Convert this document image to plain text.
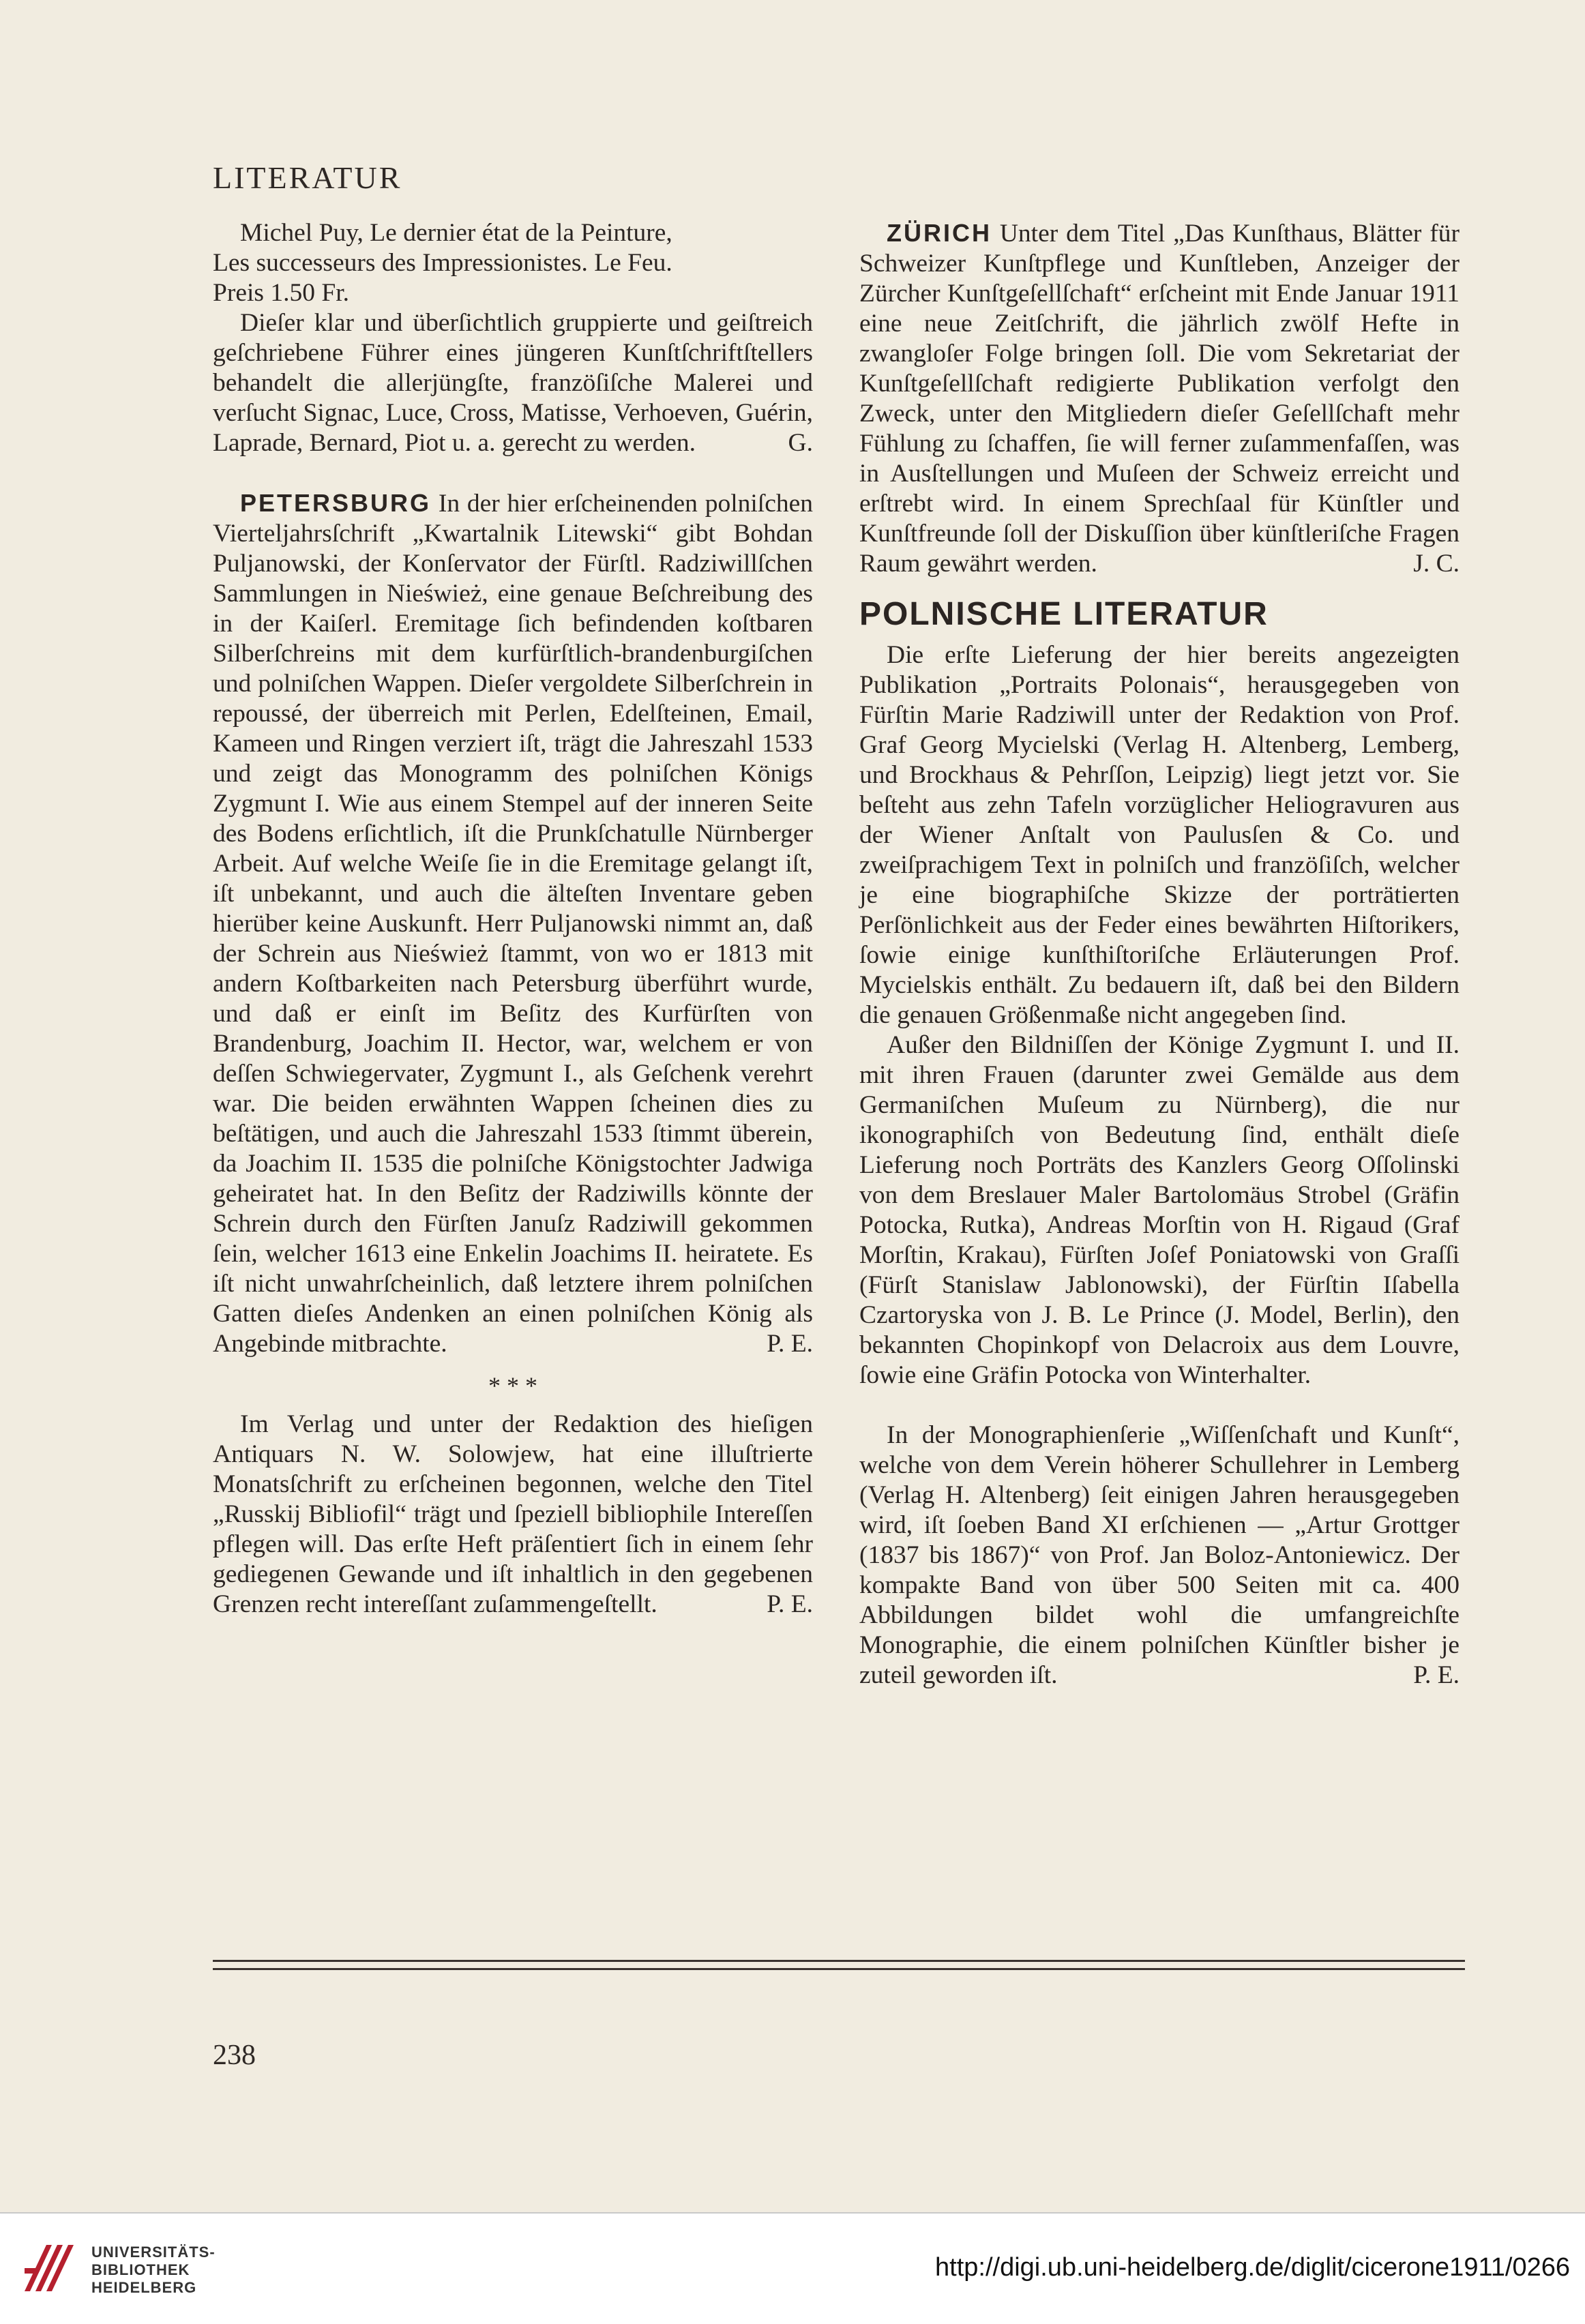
LITERATUR

Michel Puy, Le dernier état de la Peinture,
Les successeurs des Impressionistes. Le Feu.
Preis 1.50 Fr.

Dieſer klar und überſichtlich gruppierte und geiſtreich geſchriebene Führer eines jüngeren Kunſtſchriftſtellers behandelt die allerjüngſte, franzöſiſche Malerei und verſucht Signac, Luce, Cross, Matisse, Verhoeven, Guérin, Laprade, Bernard, Piot u. a. gerecht zu werden.	G.

PETERSBURG In der hier erſcheinenden polniſchen Vierteljahrsſchrift „Kwartalnik Litewski“ gibt Bohdan Puljanowski, der Konſervator der Fürſtl. Radziwillſchen Sammlungen in Nieśwież, eine genaue Beſchreibung des in der Kaiſerl. Eremitage ſich befindenden koſtbaren Silberſchreins mit dem kurfürſtlich-brandenburgiſchen und polniſchen Wappen. Dieſer vergoldete Silberſchrein in repoussé, der überreich mit Perlen, Edelſteinen, Email, Kameen und Ringen verziert iſt, trägt die Jahreszahl 1533 und zeigt das Monogramm des polniſchen Königs Zygmunt I. Wie aus einem Stempel auf der inneren Seite des Bodens erſichtlich, iſt die Prunkſchatulle Nürnberger Arbeit. Auf welche Weiſe ſie in die Eremitage gelangt iſt, iſt unbekannt, und auch die älteſten Inventare geben hierüber keine Auskunft. Herr Puljanowski nimmt an, daß der Schrein aus Nieśwież ſtammt, von wo er 1813 mit andern Koſtbarkeiten nach Petersburg überführt wurde, und daß er einſt im Beſitz des Kurfürſten von Brandenburg, Joachim II. Hector, war, welchem er von deſſen Schwiegervater, Zygmunt I., als Geſchenk verehrt war. Die beiden erwähnten Wappen ſcheinen dies zu beſtätigen, und auch die Jahreszahl 1533 ſtimmt überein, da Joachim II. 1535 die polniſche Königstochter Jadwiga geheiratet hat. In den Beſitz der Radziwills könnte der Schrein durch den Fürſten Januſz Radziwill gekommen ſein, welcher 1613 eine Enkelin Joachims II. heiratete. Es iſt nicht unwahrſcheinlich, daß letztere ihrem polniſchen Gatten dieſes Andenken an einen polniſchen König als Angebinde mitbrachte.	P. E.

* * *

Im Verlag und unter der Redaktion des hieſigen Antiquars N. W. Solowjew, hat eine illuſtrierte Monatsſchrift zu erſcheinen begonnen, welche den Titel „Russkij Bibliofil“ trägt und ſpeziell bibliophile Intereſſen pflegen will. Das erſte Heft präſentiert ſich in einem ſehr gediegenen Gewande und iſt inhaltlich in den gegebenen Grenzen recht intereſſant zuſammengeſtellt.	P. E.

ZÜRICH Unter dem Titel „Das Kunſthaus, Blätter für Schweizer Kunſtpflege und Kunſtleben, Anzeiger der Zürcher Kunſtgeſellſchaft“ erſcheint mit Ende Januar 1911 eine neue Zeitſchrift, die jährlich zwölf Hefte in zwangloſer Folge bringen ſoll. Die vom Sekretariat der Kunſtgeſellſchaft redigierte Publikation verfolgt den Zweck, unter den Mitgliedern dieſer Geſellſchaft mehr Fühlung zu ſchaffen, ſie will ferner zuſammenfaſſen, was in Ausſtellungen und Muſeen der Schweiz erreicht und erſtrebt wird. In einem Sprechſaal für Künſtler und Kunſtfreunde ſoll der Diskuſſion über künſtleriſche Fragen Raum gewährt werden.	J. C.

POLNISCHE LITERATUR

Die erſte Lieferung der hier bereits angezeigten Publikation „Portraits Polonais“, herausgegeben von Fürſtin Marie Radziwill unter der Redaktion von Prof. Graf Georg Mycielski (Verlag H. Altenberg, Lemberg, und Brockhaus & Pehrſſon, Leipzig) liegt jetzt vor. Sie beſteht aus zehn Tafeln vorzüglicher Heliogravuren aus der Wiener Anſtalt von Paulusſen & Co. und zweiſprachigem Text in polniſch und franzöſiſch, welcher je eine biographiſche Skizze der porträtierten Perſönlichkeit aus der Feder eines bewährten Hiſtorikers, ſowie einige kunſthiſtoriſche Erläuterungen Prof. Mycielskis enthält. Zu bedauern iſt, daß bei den Bildern die genauen Größenmaße nicht angegeben ſind.

Außer den Bildniſſen der Könige Zygmunt I. und II. mit ihren Frauen (darunter zwei Gemälde aus dem Germaniſchen Muſeum zu Nürnberg), die nur ikonographiſch von Bedeutung ſind, enthält dieſe Lieferung noch Porträts des Kanzlers Georg Oſſolinski von dem Breslauer Maler Bartolomäus Strobel (Gräfin Potocka, Rutka), Andreas Morſtin von H. Rigaud (Graf Morſtin, Krakau), Fürſten Joſef Poniatowski von Graſſi (Fürſt Stanislaw Jablonowski), der Fürſtin Iſabella Czartoryska von J. B. Le Prince (J. Model, Berlin), den bekannten Chopinkopf von Delacroix aus dem Louvre, ſowie eine Gräfin Potocka von Winterhalter.

In der Monographienſerie „Wiſſenſchaft und Kunſt“, welche von dem Verein höherer Schullehrer in Lemberg (Verlag H. Altenberg) ſeit einigen Jahren herausgegeben wird, iſt ſoeben Band XI erſchienen — „Artur Grottger (1837 bis 1867)“ von Prof. Jan Boloz-Antoniewicz. Der kompakte Band von über 500 Seiten mit ca. 400 Abbildungen bildet wohl die umfangreichſte Monographie, die einem polniſchen Künſtler bisher je zuteil geworden iſt.	P. E.

238
UNIVERSITÄTS-
BIBLIOTHEK
HEIDELBERG
http://digi.ub.uni-heidelberg.de/diglit/cicerone1911/0266
